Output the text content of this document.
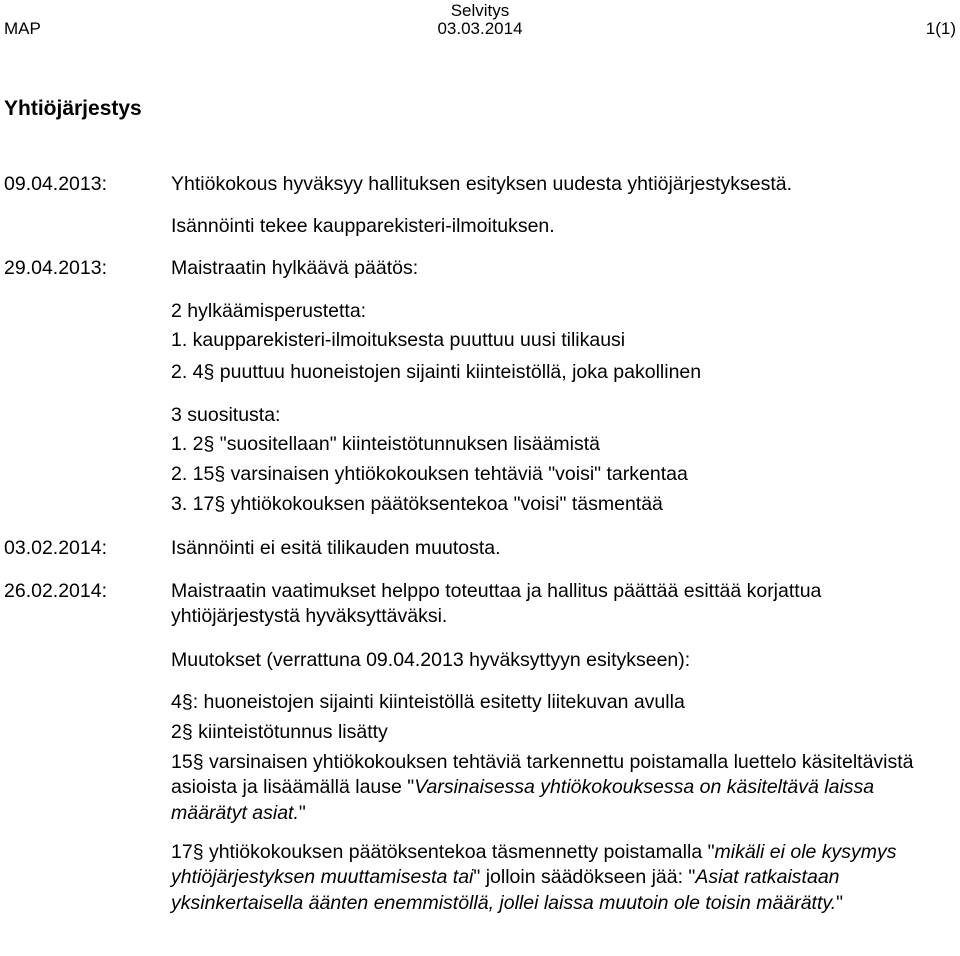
Selvitys
MAP	03.03.2014	1(1)
Yhtiöjärjestys
09.04.2013:	Yhtiökokous hyväksyy hallituksen esityksen uudesta yhtiöjärjestyksestä.
Isännöinti tekee kaupparekisteri-ilmoituksen.
29.04.2013:	Maistraatin hylkäävä päätös:
2 hylkäämisperustetta:
1. kaupparekisteri-ilmoituksesta puuttuu uusi tilikausi
2. 4§ puuttuu huoneistojen sijainti kiinteistöllä, joka pakollinen
3 suositusta:
1. 2§ "suositellaan" kiinteistötunnuksen lisäämistä
2. 15§ varsinaisen yhtiökokouksen tehtäviä "voisi" tarkentaa
3. 17§ yhtiökokouksen päätöksentekoa "voisi" täsmentää
03.02.2014:	Isännöinti ei esitä tilikauden muutosta.
26.02.2014:	Maistraatin vaatimukset helppo toteuttaa ja hallitus päättää esittää korjattua yhtiöjärjestystä hyväksyttäväksi.
Muutokset (verrattuna 09.04.2013 hyväksyttyyn esitykseen):
4§: huoneistojen sijainti kiinteistöllä esitetty liitekuvan avulla
2§ kiinteistötunnus lisätty
15§ varsinaisen yhtiökokouksen tehtäviä tarkennettu poistamalla luettelo käsiteltävistä asioista ja lisäämällä lause "Varsinaisessa yhtiökokouksessa on käsiteltävä laissa määrätyt asiat."
17§ yhtiökokouksen päätöksentekoa täsmennetty poistamalla "mikäli ei ole kysymys yhtiöjärjestyksen muuttamisesta tai" jolloin säädökseen jää: "Asiat ratkaistaan yksinkertaisella äänten enemmistöllä, jollei laissa muutoin ole toisin määrätty."
